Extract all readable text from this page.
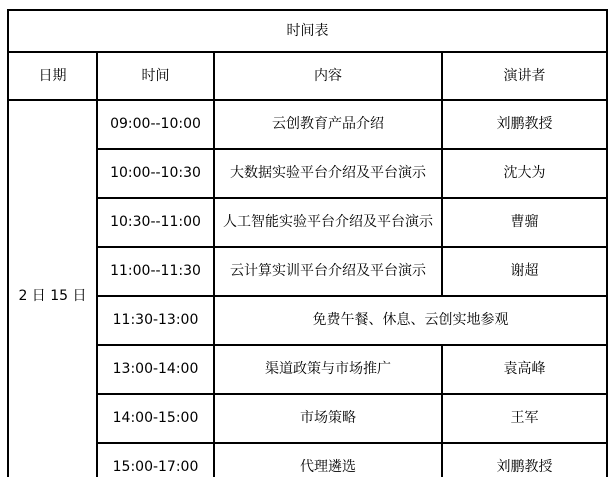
时间表			
日期	时间	内容	演讲者
2 日 15 日	09:00--10:00	云创教育产品介绍	刘鹏教授
	10:00--10:30	大数据实验平台介绍及平台演示	沈大为
	10:30--11:00	人工智能实验平台介绍及平台演示	曹骝
	11:00--11:30	云计算实训平台介绍及平台演示	谢超
	11:30-13:00	免费午餐、休息、云创实地参观	
	13:00-14:00	渠道政策与市场推广	袁高峰
	14:00-15:00	市场策略	王军
	15:00-17:00	代理遴选	刘鹏教授
